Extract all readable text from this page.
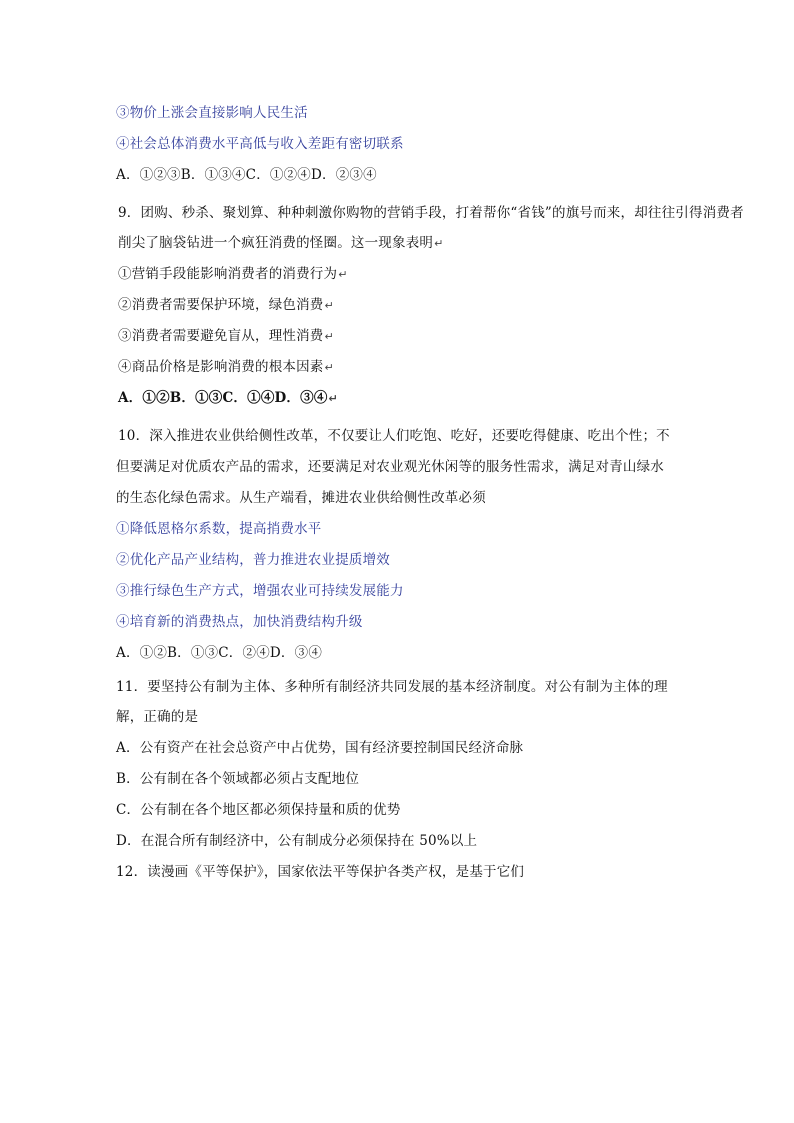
③物价上涨会直接影响人民生活
④社会总体消费水平高低与收入差距有密切联系
A．①②③B．①③④C．①②④D．②③④
9．团购、秒杀、聚划算、种种刺激你购物的营销手段，打着帮你“省钱”的旗号而来，却往往引得消费者
削尖了脑袋钻进一个疯狂消费的怪圈。这一现象表明↵
①营销手段能影响消费者的消费行为↵
②消费者需要保护环境，绿色消费↵
③消费者需要避免盲从，理性消费↵
④商品价格是影响消费的根本因素↵
A．①②B．①③C．①④D．③④↵
10．深入推进农业供给侧性改革，不仅要让人们吃饱、吃好，还要吃得健康、吃出个性；不
但要满足对优质农产品的需求，还要满足对农业观光休闲等的服务性需求，满足对青山绿水
的生态化绿色需求。从生产端看，摊进农业供给侧性改革必须
①降低恩格尔系数，提高捎费水平
②优化产品产业结构，普力推进农业提质增效
③推行绿色生产方式，增强农业可持续发展能力
④培育新的消费热点，加快消费结构升级
A．①②B．①③C．②④D．③④
11．要坚持公有制为主体、多种所有制经济共同发展的基本经济制度。对公有制为主体的理
解，正确的是
A．公有资产在社会总资产中占优势，国有经济要控制国民经济命脉
B．公有制在各个领域都必须占支配地位
C．公有制在各个地区都必须保持量和质的优势
D．在混合所有制经济中，公有制成分必须保持在 50%以上
12．读漫画《平等保护》，国家依法平等保护各类产权，是基于它们
